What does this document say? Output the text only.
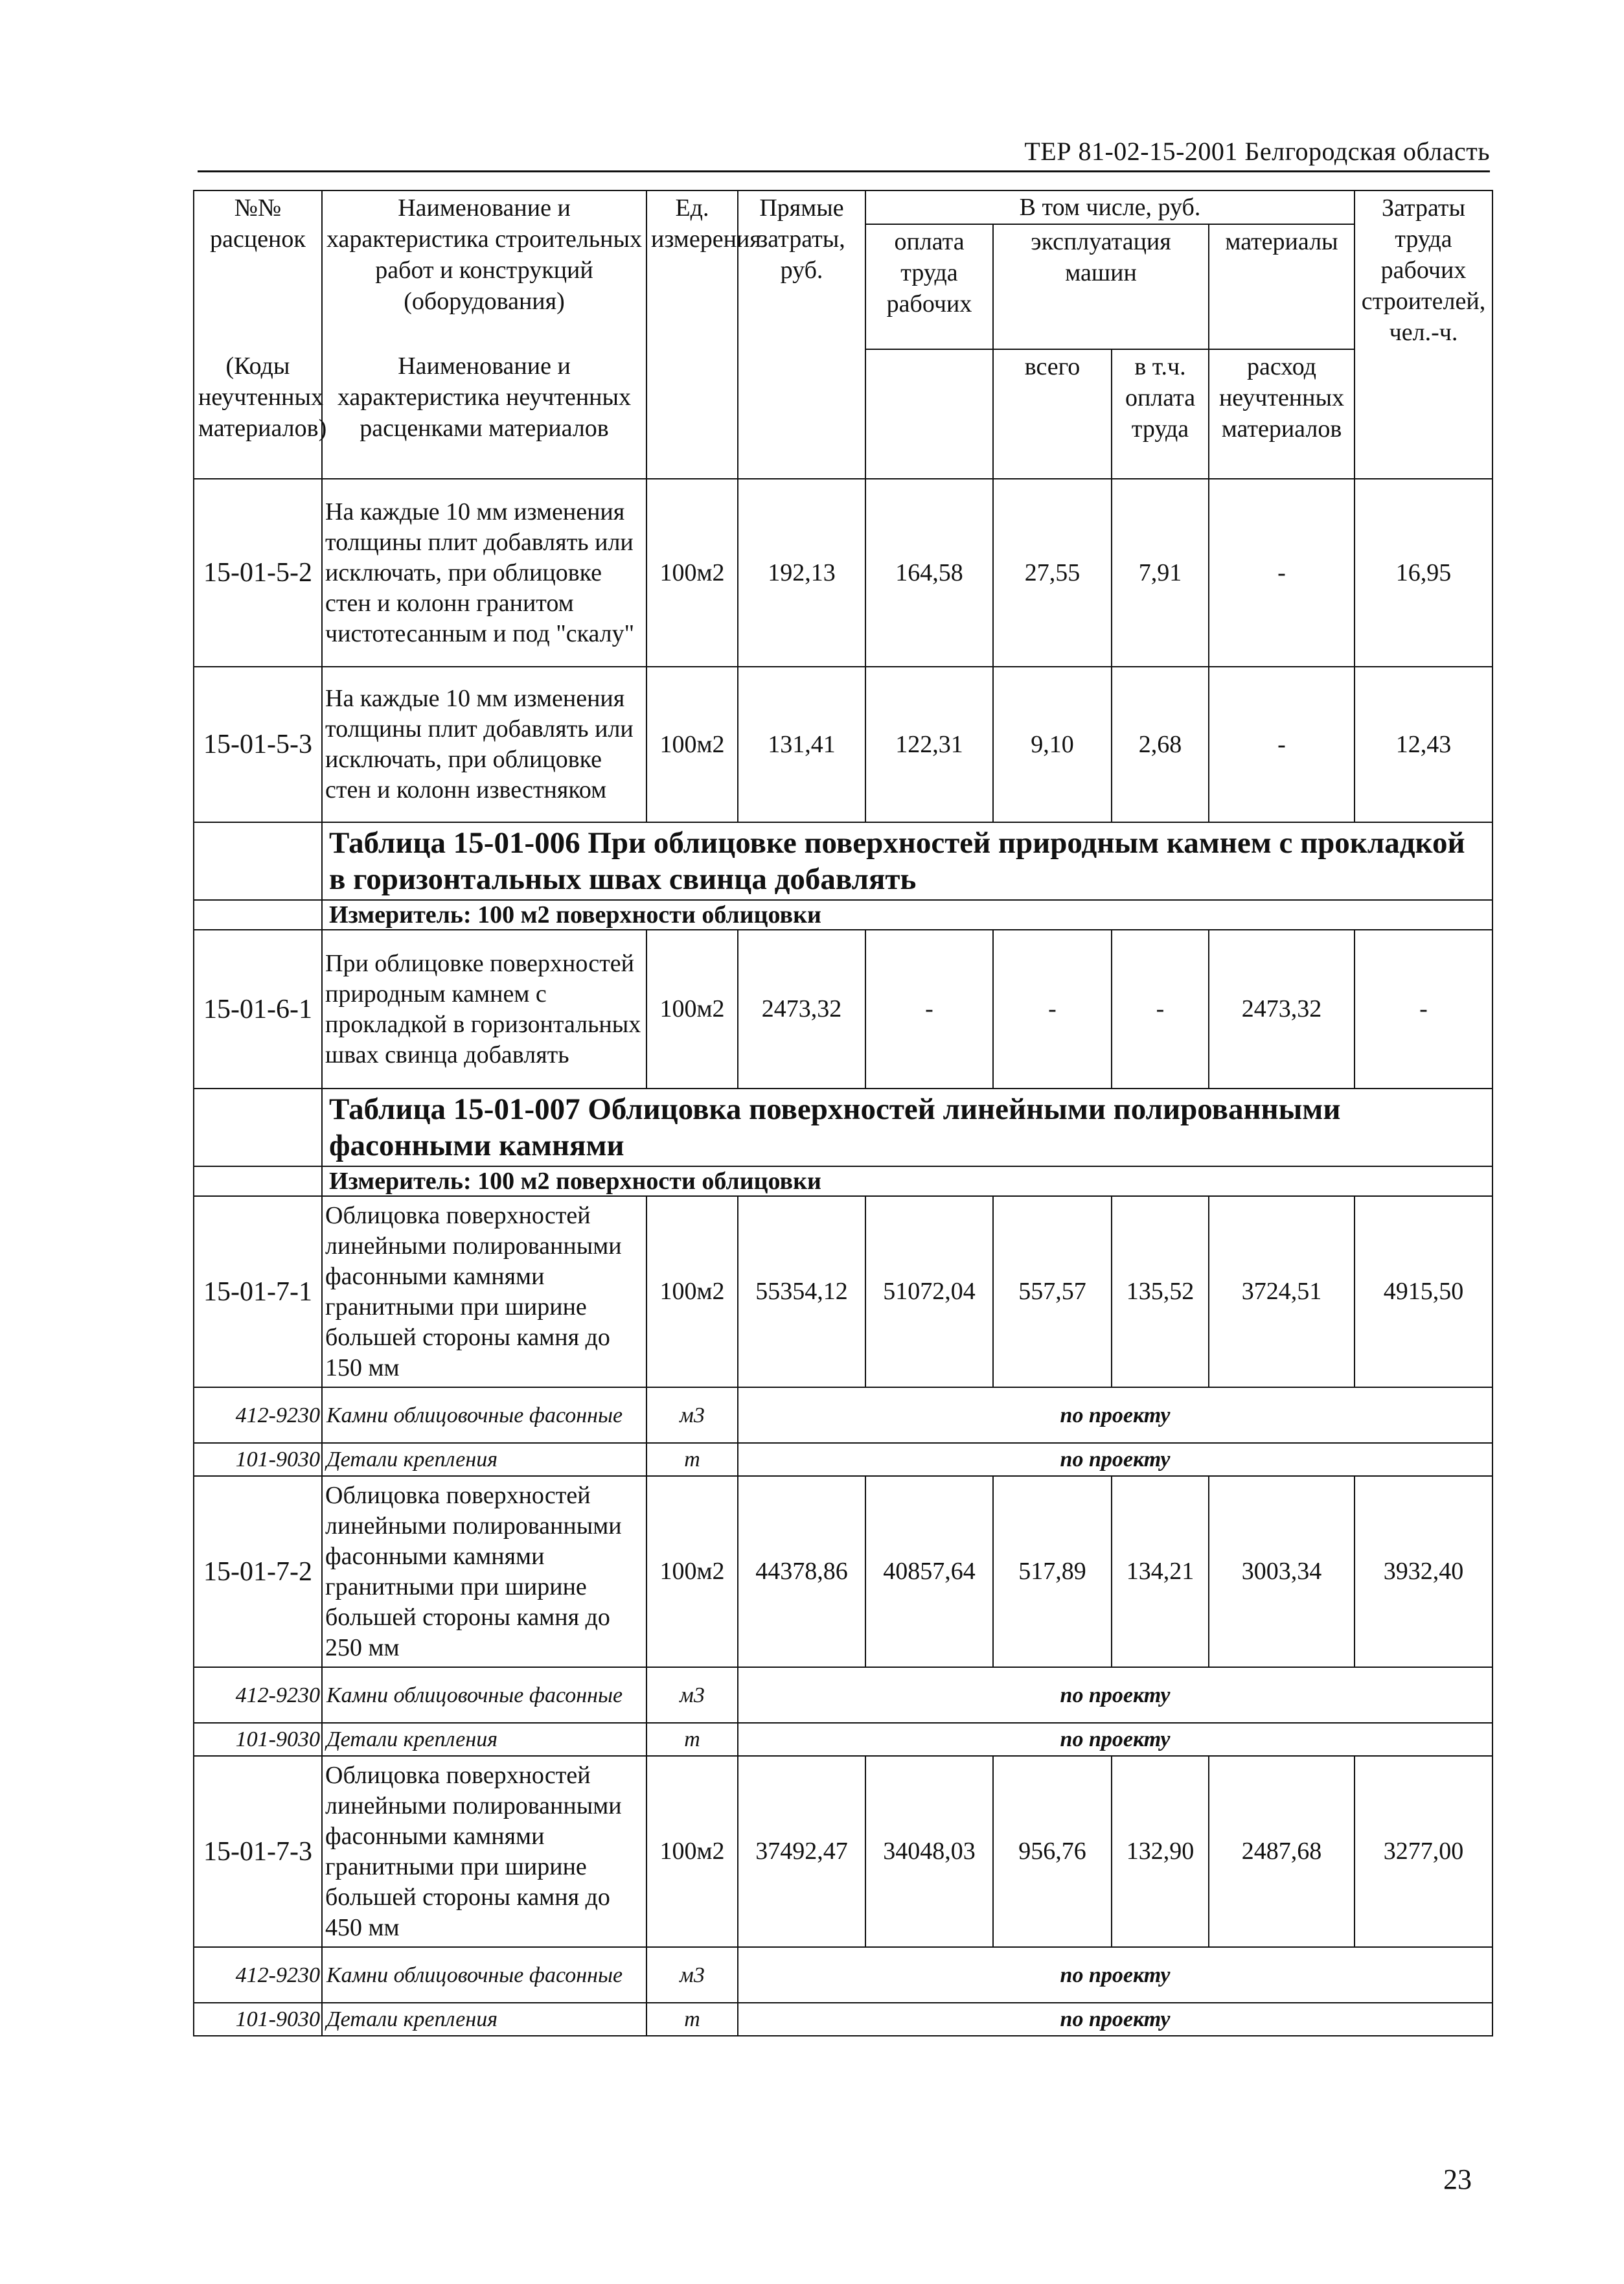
ТЕР 81-02-15-2001 Белгородская область
№№ расценок	Наименование и характеристика строительных работ и конструкций (оборудования)	Ед. измерения	Прямые затраты, руб.	В том числе, руб.				Затраты труда рабочих строителей, чел.-ч.
				оплата труда рабочих	эксплуатация машин		материалы	

(Коды неучтенных материалов)	Наименование и характеристика неучтенных расценками материалов				всего	в т.ч. оплата труда	расход неучтенных материалов	
15-01-5-2	На каждые 10 мм изменения толщины плит добавлять или исключать, при облицовке стен и колонн гранитом чистотесанным и под "скалу"	100м2	192,13	164,58	27,55	7,91	-	16,95
15-01-5-3	На каждые 10 мм изменения толщины плит добавлять или исключать, при облицовке стен и колонн известняком	100м2	131,41	122,31	9,10	2,68	-	12,43
	Таблица 15-01-006 При облицовке поверхностей природным камнем с прокладкой в горизонтальных швах свинца добавлять							
	Измеритель: 100 м2 поверхности облицовки							
15-01-6-1	При облицовке поверхностей природным камнем с прокладкой в горизонтальных швах свинца добавлять	100м2	2473,32	-	-	-	2473,32	-
	Таблица 15-01-007 Облицовка поверхностей линейными полированными фасонными камнями							
	Измеритель: 100 м2 поверхности облицовки							
15-01-7-1	Облицовка поверхностей линейными полированными фасонными камнями гранитными при ширине большей стороны камня до 150 мм	100м2	55354,12	51072,04	557,57	135,52	3724,51	4915,50
412-9230	Камни облицовочные фасонные	м3	по проекту					
101-9030	Детали крепления	т	по проекту					
15-01-7-2	Облицовка поверхностей линейными полированными фасонными камнями гранитными при ширине большей стороны камня до 250 мм	100м2	44378,86	40857,64	517,89	134,21	3003,34	3932,40
412-9230	Камни облицовочные фасонные	м3	по проекту					
101-9030	Детали крепления	т	по проекту					
15-01-7-3	Облицовка поверхностей линейными полированными фасонными камнями гранитными при ширине большей стороны камня до 450 мм	100м2	37492,47	34048,03	956,76	132,90	2487,68	3277,00
412-9230	Камни облицовочные фасонные	м3	по проекту					
101-9030	Детали крепления	т	по проекту					
23
